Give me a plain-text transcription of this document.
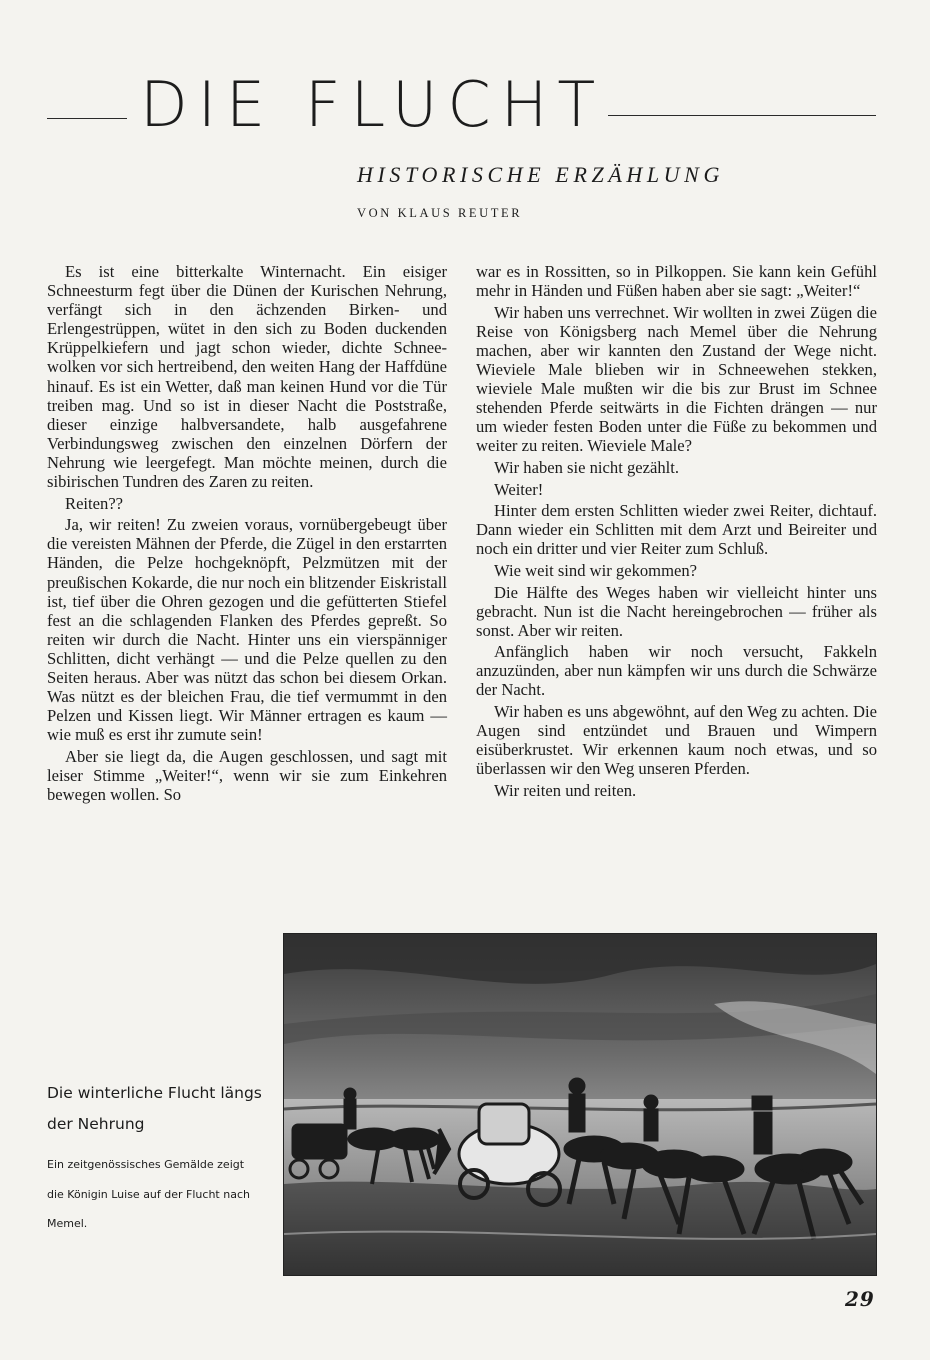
DIE FLUCHT
HISTORISCHE ERZÄHLUNG
VON KLAUS REUTER

Es ist eine bitterkalte Winternacht. Ein eisiger Schneesturm fegt über die Dünen der Kurischen Nehrung, verfängt sich in den ächzenden Birken- und Erlengestrüppen, wütet in den sich zu Boden duckenden Krüppelkiefern und jagt schon wieder, dichte Schneewolken vor sich hertreibend, den weiten Hang der Haffdüne hinauf. Es ist ein Wetter, daß man keinen Hund vor die Tür treiben mag. Und so ist in dieser Nacht die Poststraße, dieser einzige halbversandete, halb ausgefahrene Verbindungsweg zwischen den einzelnen Dörfern der Nehrung wie leergefegt. Man möchte meinen, durch die sibirischen Tundren des Zaren zu reiten.

Reiten??

Ja, wir reiten! Zu zweien voraus, vornübergebeugt über die vereisten Mähnen der Pferde, die Zügel in den erstarrten Händen, die Pelze hochgeknöpft, Pelzmützen mit der preußischen Kokarde, die nur noch ein blitzender Eiskristall ist, tief über die Ohren gezogen und die gefütterten Stiefel fest an die schlagenden Flanken des Pferdes gepreßt. So reiten wir durch die Nacht. Hinter uns ein vierspänniger Schlitten, dicht verhängt — und die Pelze quellen zu den Seiten heraus. Aber was nützt das schon bei diesem Orkan. Was nützt es der bleichen Frau, die tief vermummt in den Pelzen und Kissen liegt. Wir Männer ertragen es kaum — wie muß es erst ihr zumute sein!

Aber sie liegt da, die Augen geschlossen, und sagt mit leiser Stimme „Weiter!“, wenn wir sie zum Einkehren bewegen wollen. So

war es in Rossitten, so in Pilkoppen. Sie kann kein Gefühl mehr in Händen und Füßen haben aber sie sagt: „Weiter!“

Wir haben uns verrechnet. Wir wollten in zwei Zügen die Reise von Königsberg nach Memel über die Nehrung machen, aber wir kannten den Zustand der Wege nicht. Wieviele Male blieben wir in Schneewehen stekken, wieviele Male mußten wir die bis zur Brust im Schnee stehenden Pferde seitwärts in die Fichten drängen — nur um wieder festen Boden unter die Füße zu bekommen und weiter zu reiten. Wieviele Male?

Wir haben sie nicht gezählt.

Weiter!

Hinter dem ersten Schlitten wieder zwei Reiter, dichtauf. Dann wieder ein Schlitten mit dem Arzt und Beireiter und noch ein dritter und vier Reiter zum Schluß.

Wie weit sind wir gekommen?

Die Hälfte des Weges haben wir vielleicht hinter uns gebracht. Nun ist die Nacht hereingebrochen — früher als sonst. Aber wir reiten.

Anfänglich haben wir noch versucht, Fakkeln anzuzünden, aber nun kämpfen wir uns durch die Schwärze der Nacht.

Wir haben es uns abgewöhnt, auf den Weg zu achten. Die Augen sind entzündet und Brauen und Wimpern eisüberkrustet. Wir erkennen kaum noch etwas, und so überlassen wir den Weg unseren Pferden.

Wir reiten und reiten.

Die winterliche Flucht längs der Nehrung
Ein zeitgenössisches Gemälde zeigt die Königin Luise auf der Flucht nach Memel.
29
